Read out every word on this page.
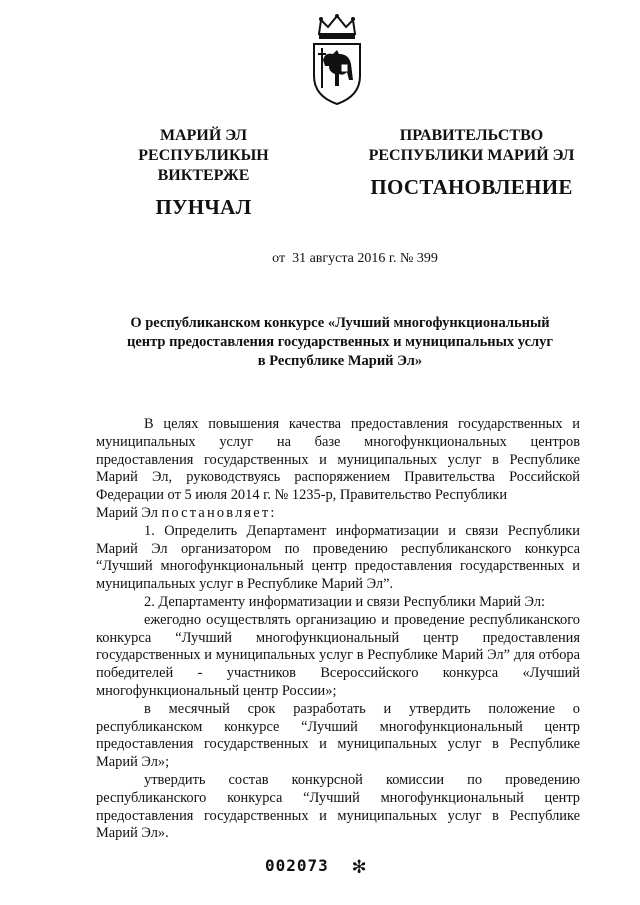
МАРИЙ ЭЛ РЕСПУБЛИКЫН
ВИКТЕРЖЕ
ПУНЧАЛ
ПРАВИТЕЛЬСТВО
РЕСПУБЛИКИ МАРИЙ ЭЛ
ПОСТАНОВЛЕНИЕ
от 31 августа 2016 г. № 399
О республиканском конкурсе «Лучший многофункциональный
центр предоставления государственных и муниципальных услуг
в Республике Марий Эл»

В целях повышения качества предоставления государственных и муниципальных услуг на базе многофункциональных центров предоставления государственных и муниципальных услуг в Республике Марий Эл, руководствуясь распоряжением Правительства Российской Федерации от 5 июля 2014 г. № 1235-р, Правительство Республики

Марий Эл постановляет:

1. Определить Департамент информатизации и связи Республики Марий Эл организатором по проведению республиканского конкурса “Лучший многофункциональный центр предоставления государственных и муниципальных услуг в Республике Марий Эл”.

2. Департаменту информатизации и связи Республики Марий Эл:

ежегодно осуществлять организацию и проведение республиканского конкурса “Лучший многофункциональный центр предоставления государственных и муниципальных услуг в Республике Марий Эл” для отбора победителей - участников Всероссийского конкурса «Лучший многофункциональный центр России»;

в месячный срок разработать и утвердить положение о республиканском конкурсе “Лучший многофункциональный центр предоставления государственных и муниципальных услуг в Республике Марий Эл»;

утвердить состав конкурсной комиссии по проведению республиканского конкурса “Лучший многофункциональный центр предоставления государственных и муниципальных услуг в Республике Марий Эл».

002073 ✻
